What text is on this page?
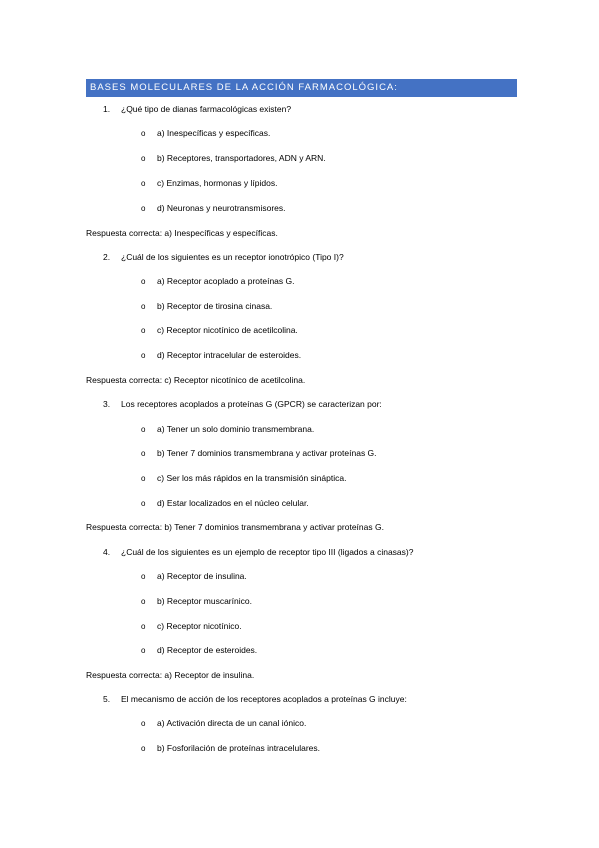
BASES MOLECULARES DE LA ACCIÓN FARMACOLÓGICA:
1. ¿Qué tipo de dianas farmacológicas existen?
o a) Inespecíficas y específicas.
o b) Receptores, transportadores, ADN y ARN.
o c) Enzimas, hormonas y lípidos.
o d) Neuronas y neurotransmisores.
Respuesta correcta: a) Inespecíficas y específicas.
2. ¿Cuál de los siguientes es un receptor ionotrópico (Tipo I)?
o a) Receptor acoplado a proteínas G.
o b) Receptor de tirosina cinasa.
o c) Receptor nicotínico de acetilcolina.
o d) Receptor intracelular de esteroides.
Respuesta correcta: c) Receptor nicotínico de acetilcolina.
3. Los receptores acoplados a proteínas G (GPCR) se caracterizan por:
o a) Tener un solo dominio transmembrana.
o b) Tener 7 dominios transmembrana y activar proteínas G.
o c) Ser los más rápidos en la transmisión sináptica.
o d) Estar localizados en el núcleo celular.
Respuesta correcta: b) Tener 7 dominios transmembrana y activar proteínas G.
4. ¿Cuál de los siguientes es un ejemplo de receptor tipo III (ligados a cinasas)?
o a) Receptor de insulina.
o b) Receptor muscarínico.
o c) Receptor nicotínico.
o d) Receptor de esteroides.
Respuesta correcta: a) Receptor de insulina.
5. El mecanismo de acción de los receptores acoplados a proteínas G incluye:
o a) Activación directa de un canal iónico.
o b) Fosforilación de proteínas intracelulares.
